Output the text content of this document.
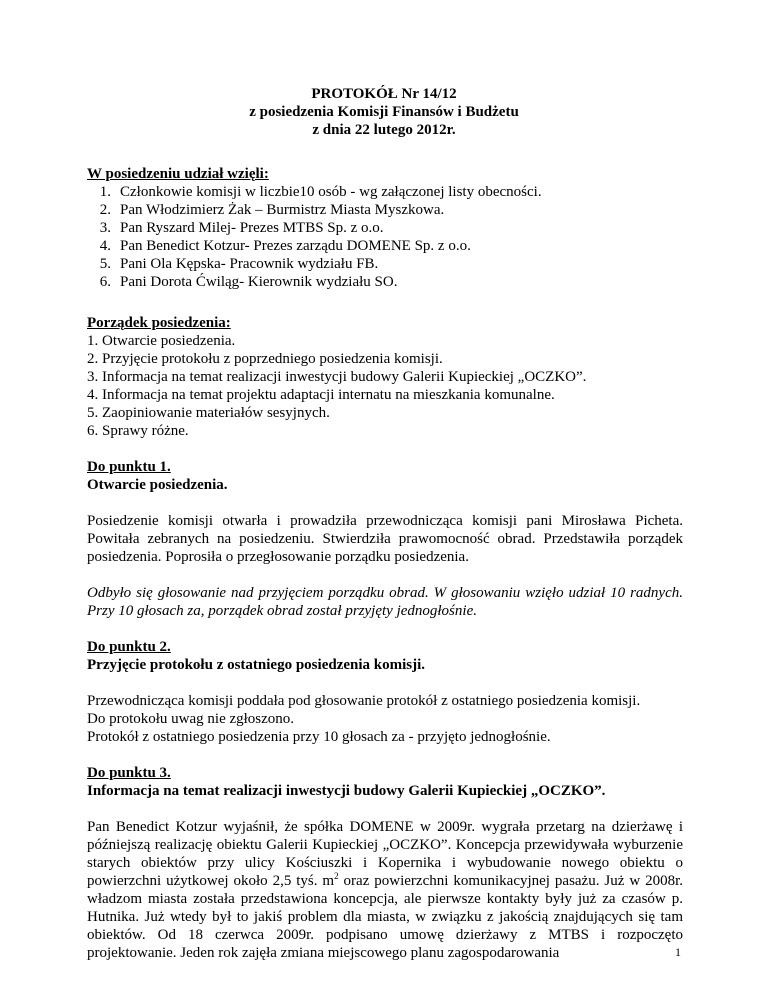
PROTOKÓŁ Nr 14/12
z posiedzenia Komisji Finansów i Budżetu
z dnia 22 lutego 2012r.
W posiedzeniu udział wzięli:
1. Członkowie komisji w liczbie10 osób - wg załączonej listy obecności.
2. Pan Włodzimierz Żak – Burmistrz Miasta Myszkowa.
3. Pan Ryszard Milej- Prezes MTBS Sp. z o.o.
4. Pan Benedict Kotzur- Prezes zarządu DOMENE Sp. z o.o.
5. Pani Ola Kępska- Pracownik wydziału FB.
6. Pani Dorota Ćwiląg- Kierownik wydziału SO.
Porządek posiedzenia:
1. Otwarcie posiedzenia.
2. Przyjęcie protokołu z poprzedniego posiedzenia komisji.
3. Informacja na temat realizacji inwestycji budowy Galerii Kupieckiej „OCZKO”.
4. Informacja na temat projektu adaptacji internatu na mieszkania komunalne.
5. Zaopiniowanie materiałów sesyjnych.
6. Sprawy różne.
Do punktu 1.
Otwarcie posiedzenia.
Posiedzenie komisji otwarła i prowadziła przewodnicząca komisji pani Mirosława Picheta. Powitała zebranych na posiedzeniu. Stwierdziła prawomocność obrad. Przedstawiła porządek posiedzenia. Poprosiła o przegłosowanie porządku posiedzenia.
Odbyło się głosowanie nad przyjęciem porządku obrad. W głosowaniu wzięło udział 10 radnych. Przy 10 głosach za, porządek obrad został przyjęty jednogłośnie.
Do punktu 2.
Przyjęcie protokołu z ostatniego posiedzenia komisji.
Przewodnicząca komisji poddała pod głosowanie protokół z ostatniego posiedzenia komisji.
Do protokołu uwag nie zgłoszono.
Protokół z ostatniego posiedzenia przy 10 głosach za - przyjęto jednogłośnie.
Do punktu 3.
Informacja na temat realizacji inwestycji budowy Galerii Kupieckiej „OCZKO”.
Pan Benedict Kotzur wyjaśnił, że spółka DOMENE w 2009r. wygrała przetarg na dzierżawę i późniejszą realizację obiektu Galerii Kupieckiej „OCZKO”. Koncepcja przewidywała wyburzenie starych obiektów przy ulicy Kościuszki i Kopernika i wybudowanie nowego obiektu o powierzchni użytkowej około 2,5 tyś. $m^2$ oraz powierzchni komunikacyjnej pasażu. Już w 2008r. władzom miasta została przedstawiona koncepcja, ale pierwsze kontakty były już za czasów p. Hutnika. Już wtedy był to jakiś problem dla miasta, w związku z jakością znajdujących się tam obiektów. Od 18 czerwca 2009r. podpisano umowę dzierżawy z MTBS i rozpoczęto projektowanie. Jeden rok zajęła zmiana miejscowego planu zagospodarowania	1
